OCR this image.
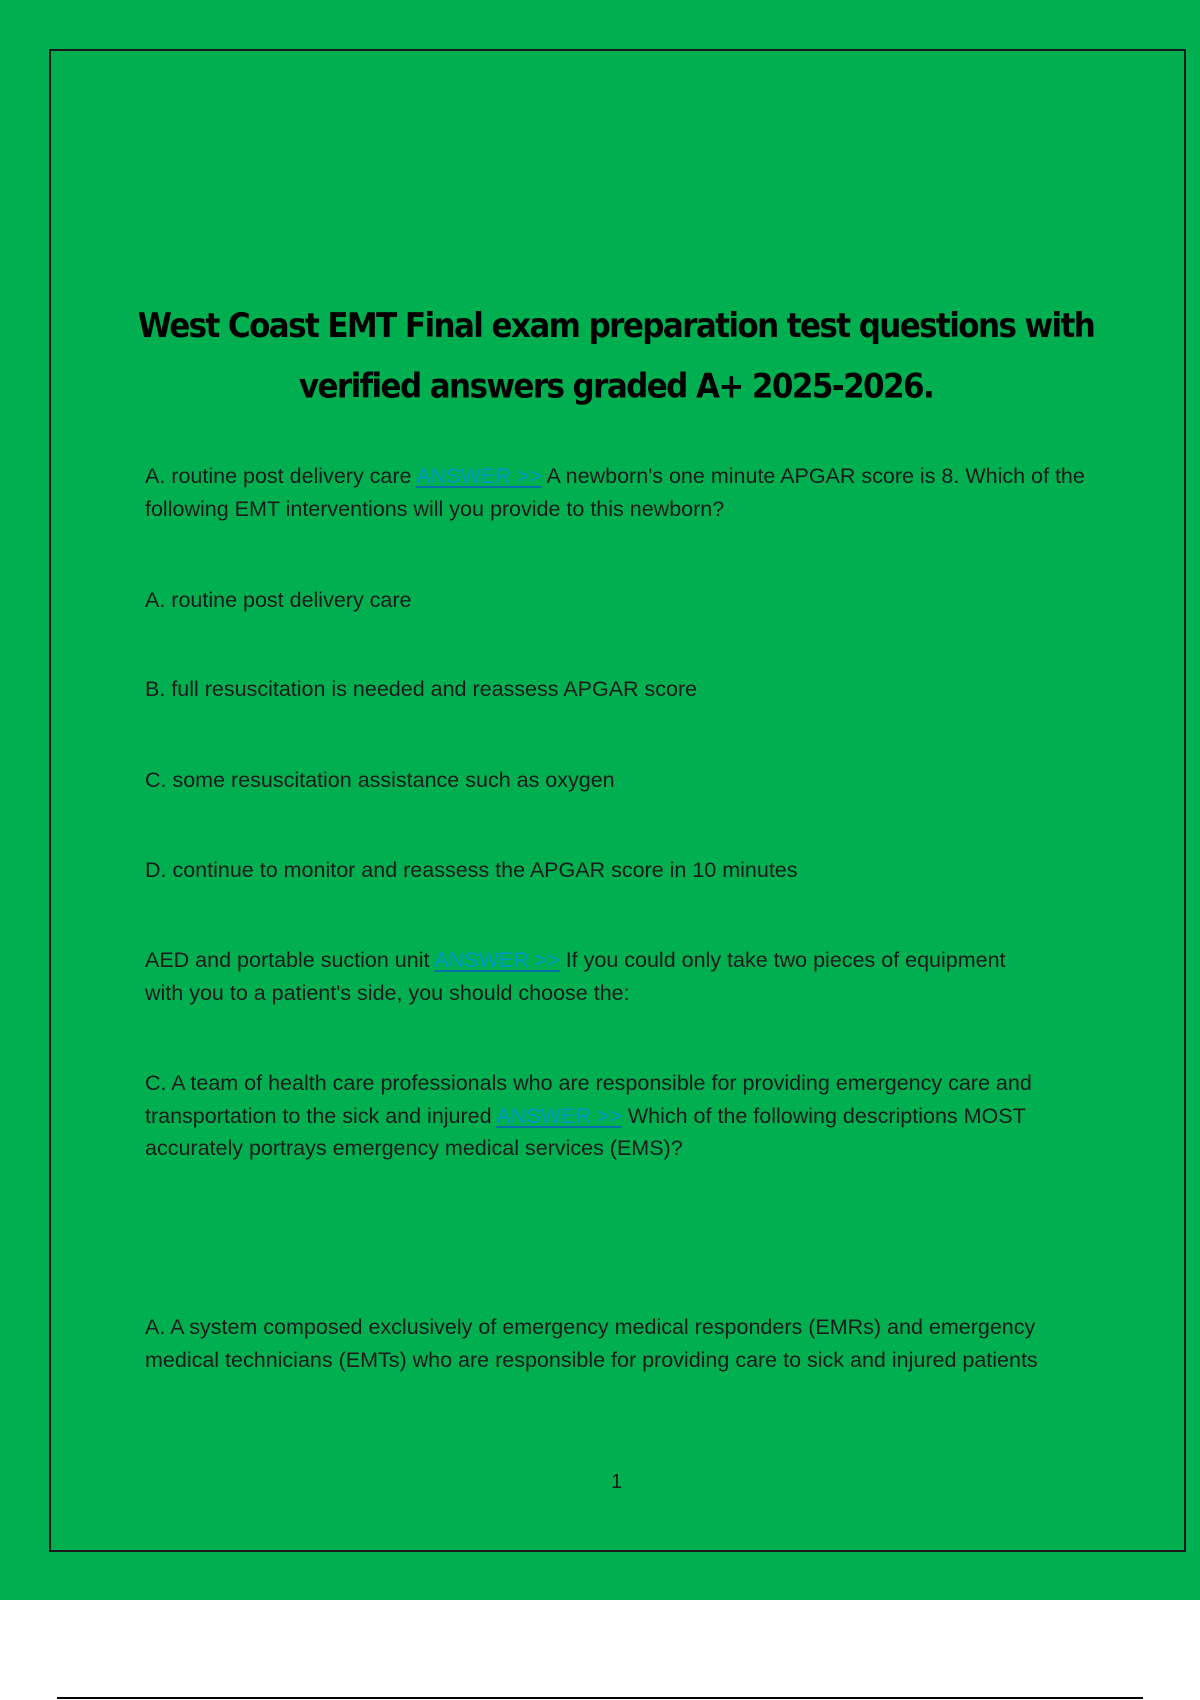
West Coast EMT Final exam preparation test questions with verified answers graded A+ 2025-2026.

A. routine post delivery care ANSWER >> A newborn's one minute APGAR score is 8. Which of the following EMT interventions will you provide to this newborn?

A. routine post delivery care

B. full resuscitation is needed and reassess APGAR score

C. some resuscitation assistance such as oxygen

D. continue to monitor and reassess the APGAR score in 10 minutes

AED and portable suction unit ANSWER >> If you could only take two pieces of equipment with you to a patient's side, you should choose the:

C. A team of health care professionals who are responsible for providing emergency care and transportation to the sick and injured ANSWER >> Which of the following descriptions MOST accurately portrays emergency medical services (EMS)?

A. A system composed exclusively of emergency medical responders (EMRs) and emergency medical technicians (EMTs) who are responsible for providing care to sick and injured patients

1
